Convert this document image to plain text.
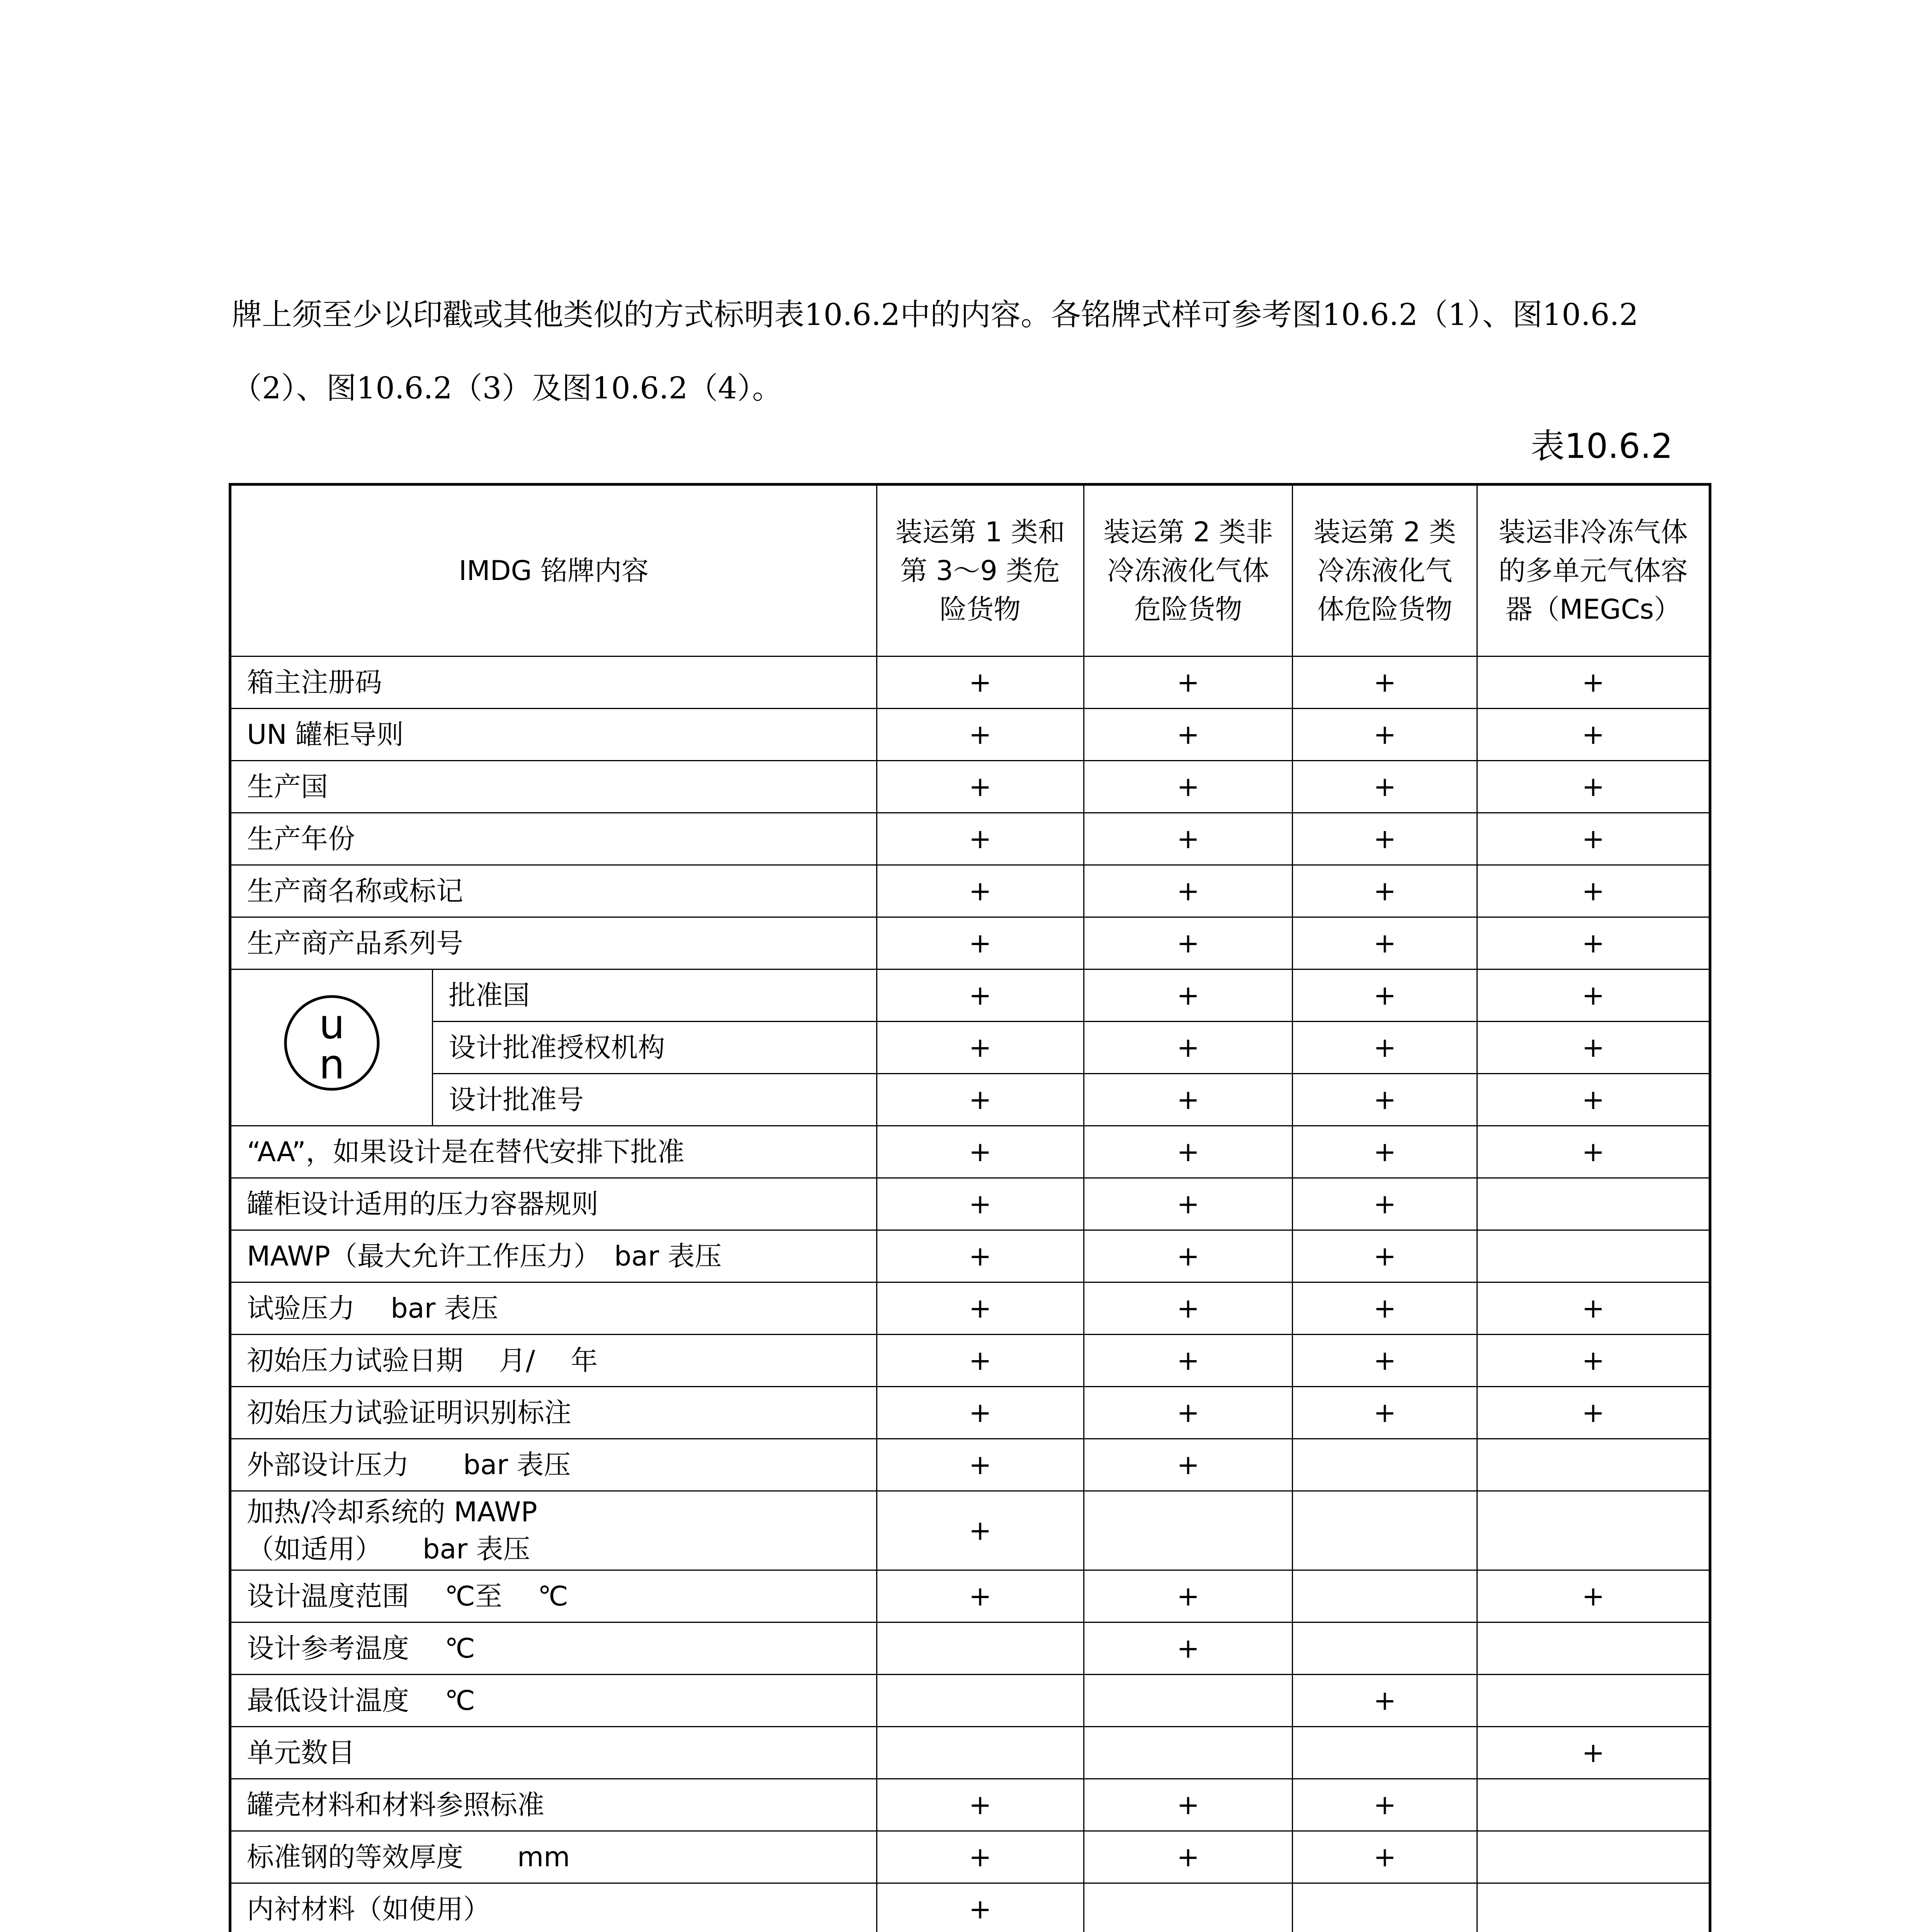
牌上须至少以印戳或其他类似的方式标明表10.6.2中的内容。各铭牌式样可参考图10.6.2（1）、图10.6.2
（2）、图10.6.2（3）及图10.6.2（4）。

表10.6.2
IMDG 铭牌内容		装运第 1 类和
第 3～9 类危
险货物	装运第 2 类非
冷冻液化气体
危险货物	装运第 2 类
冷冻液化气
体危险货物	装运非冷冻气体
的多单元气体容
器（MEGCs）
箱主注册码		+	+	+	+
UN 罐柜导则		+	+	+	+
生产国		+	+	+	+
生产年份		+	+	+	+
生产商名称或标记		+	+	+	+
生产商产品系列号		+	+	+	+

u
n	批准国	+	+	+	+
	设计批准授权机构	+	+	+	+
	设计批准号	+	+	+	+
“AA”，如果设计是在替代安排下批准		+	+	+	+
罐柜设计适用的压力容器规则		+	+	+	
MAWP（最大允许工作压力）　bar 表压		+	+	+	
试验压力　 bar 表压		+	+	+	+
初始压力试验日期　 月/　 年		+	+	+	+
初始压力试验证明识别标注		+	+	+	+
外部设计压力　　bar 表压		+	+		
加热/冷却系统的 MAWP
（如适用）　　bar 表压		+			
设计温度范围　 ℃至　 ℃		+	+		+
设计参考温度　 ℃			+		
最低设计温度　 ℃				+	
单元数目					+
罐壳材料和材料参照标准		+	+	+	
标准钢的等效厚度　　mm		+	+	+	
内衬材料（如使用）		+			
